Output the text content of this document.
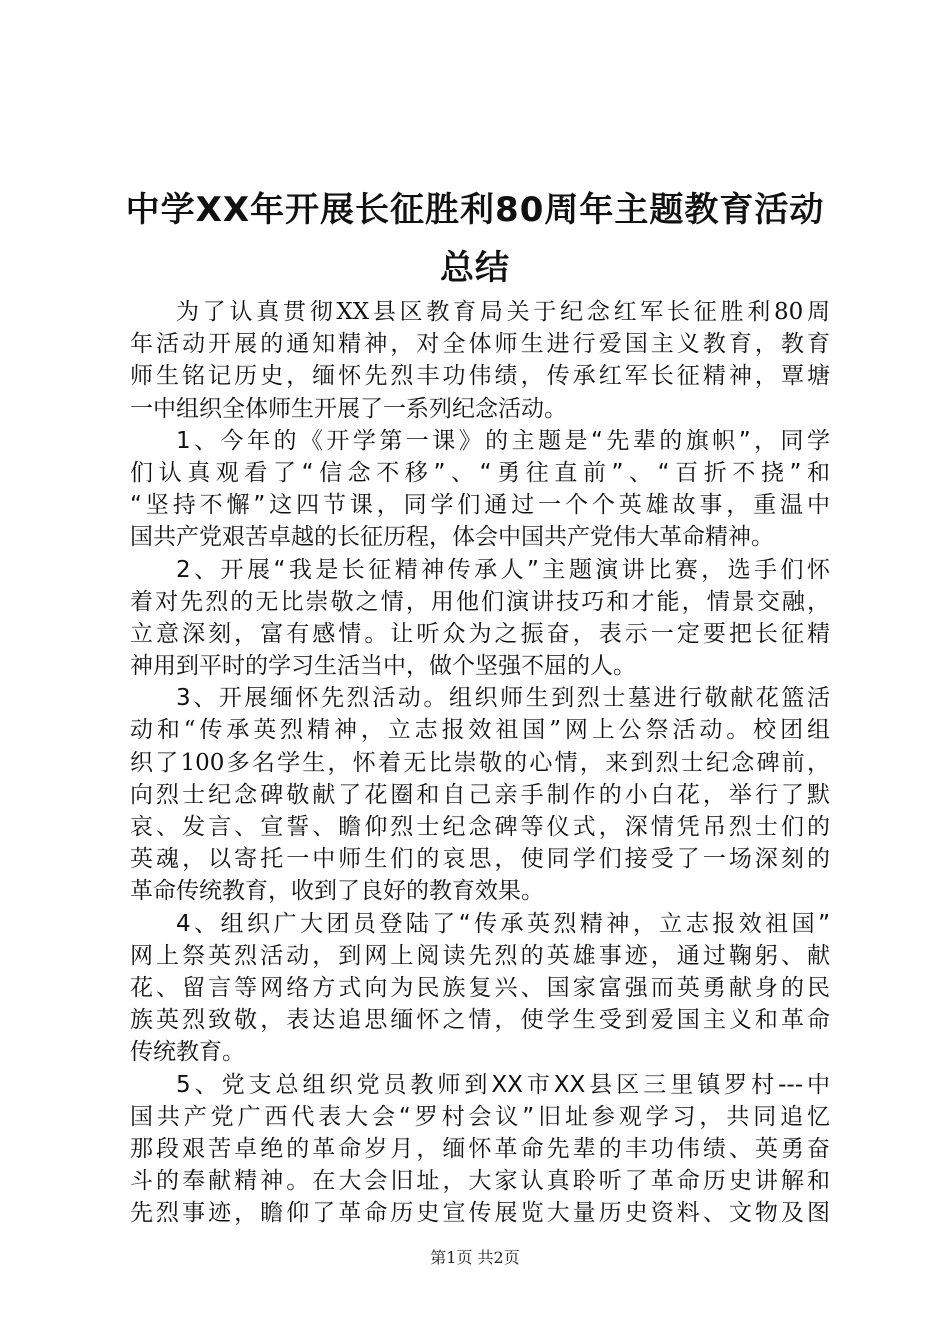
中学XX年开展长征胜利80周年主题教育活动
总结
为了认真贯彻XX县区教育局关于纪念红军长征胜利80周
年活动开展的通知精神，对全体师生进行爱国主义教育，教育
师生铭记历史，缅怀先烈丰功伟绩，传承红军长征精神，覃塘
一中组织全体师生开展了一系列纪念活动。
1、今年的《开学第一课》的主题是“先辈的旗帜”，同学
们认真观看了“信念不移”、“勇往直前”、“百折不挠”和
“坚持不懈”这四节课，同学们通过一个个英雄故事，重温中
国共产党艰苦卓越的长征历程，体会中国共产党伟大革命精神。
2、开展“我是长征精神传承人”主题演讲比赛，选手们怀
着对先烈的无比崇敬之情，用他们演讲技巧和才能，情景交融，
立意深刻，富有感情。让听众为之振奋，表示一定要把长征精
神用到平时的学习生活当中，做个坚强不屈的人。
3、开展缅怀先烈活动。组织师生到烈士墓进行敬献花篮活
动和“传承英烈精神，立志报效祖国”网上公祭活动。校团组
织了100多名学生，怀着无比崇敬的心情，来到烈士纪念碑前，
向烈士纪念碑敬献了花圈和自己亲手制作的小白花，举行了默
哀、发言、宣誓、瞻仰烈士纪念碑等仪式，深情凭吊烈士们的
英魂，以寄托一中师生们的哀思，使同学们接受了一场深刻的
革命传统教育，收到了良好的教育效果。
4、组织广大团员登陆了“传承英烈精神，立志报效祖国”
网上祭英烈活动，到网上阅读先烈的英雄事迹，通过鞠躬、献
花、留言等网络方式向为民族复兴、国家富强而英勇献身的民
族英烈致敬，表达追思缅怀之情，使学生受到爱国主义和革命
传统教育。
5、党支总组织党员教师到XX市XX县区三里镇罗村---中
国共产党广西代表大会“罗村会议”旧址参观学习，共同追忆
那段艰苦卓绝的革命岁月，缅怀革命先辈的丰功伟绩、英勇奋
斗的奉献精神。在大会旧址，大家认真聆听了革命历史讲解和
先烈事迹，瞻仰了革命历史宣传展览大量历史资料、文物及图
第1页 共2页
